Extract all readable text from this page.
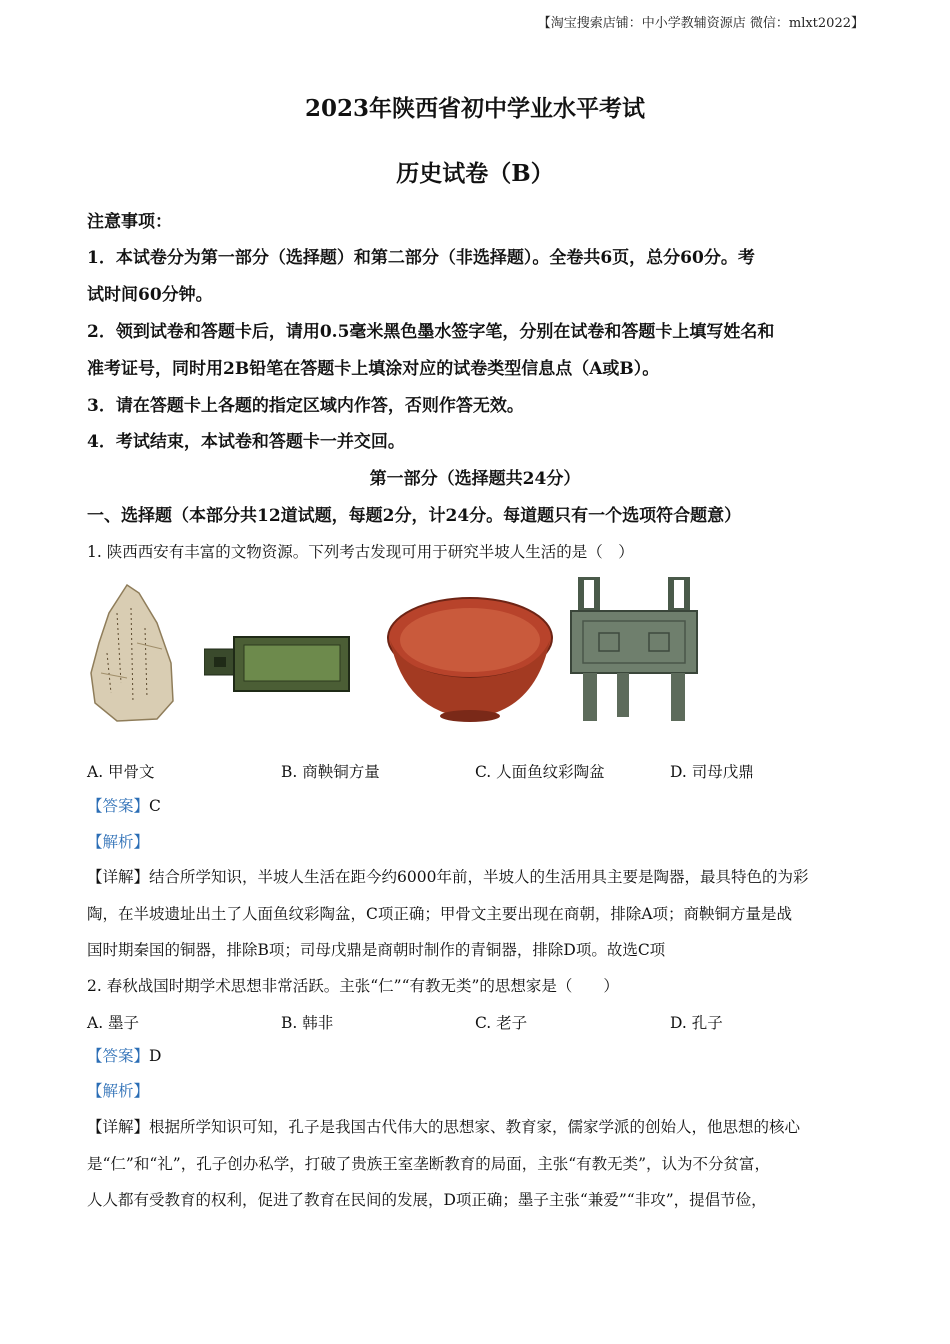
【淘宝搜索店铺：中小学教辅资源店 微信：mlxt2022】
2023年陕西省初中学业水平考试
历史试卷（B）
注意事项：
1．本试卷分为第一部分（选择题）和第二部分（非选择题）。全卷共6页，总分60分。考
试时间60分钟。
2．领到试卷和答题卡后，请用0.5毫米黑色墨水签字笔，分别在试卷和答题卡上填写姓名和
准考证号，同时用2B铅笔在答题卡上填涂对应的试卷类型信息点（A或B）。
3．请在答题卡上各题的指定区域内作答，否则作答无效。
4．考试结束，本试卷和答题卡一并交回。
第一部分（选择题共24分）
一、选择题（本部分共12道试题，每题2分，计24分。每道题只有一个选项符合题意）
1. 陕西西安有丰富的文物资源。下列考古发现可用于研究半坡人生活的是（　）
A. 甲骨文	B. 商鞅铜方量	C. 人面鱼纹彩陶盆	D. 司母戊鼎
【答案】C
【解析】
【详解】结合所学知识，半坡人生活在距今约6000年前，半坡人的生活用具主要是陶器，最具特色的为彩
陶，在半坡遗址出土了人面鱼纹彩陶盆，C项正确；甲骨文主要出现在商朝，排除A项；商鞅铜方量是战
国时期秦国的铜器，排除B项；司母戊鼎是商朝时制作的青铜器，排除D项。故选C项
2. 春秋战国时期学术思想非常活跃。主张“仁”“有教无类”的思想家是（　　）
A. 墨子	B. 韩非	C. 老子	D. 孔子
【答案】D
【解析】
【详解】根据所学知识可知，孔子是我国古代伟大的思想家、教育家，儒家学派的创始人，他思想的核心
是“仁”和“礼”，孔子创办私学，打破了贵族王室垄断教育的局面，主张“有教无类”，认为不分贫富，
人人都有受教育的权利，促进了教育在民间的发展，D项正确；墨子主张“兼爱”“非攻”，提倡节俭，
